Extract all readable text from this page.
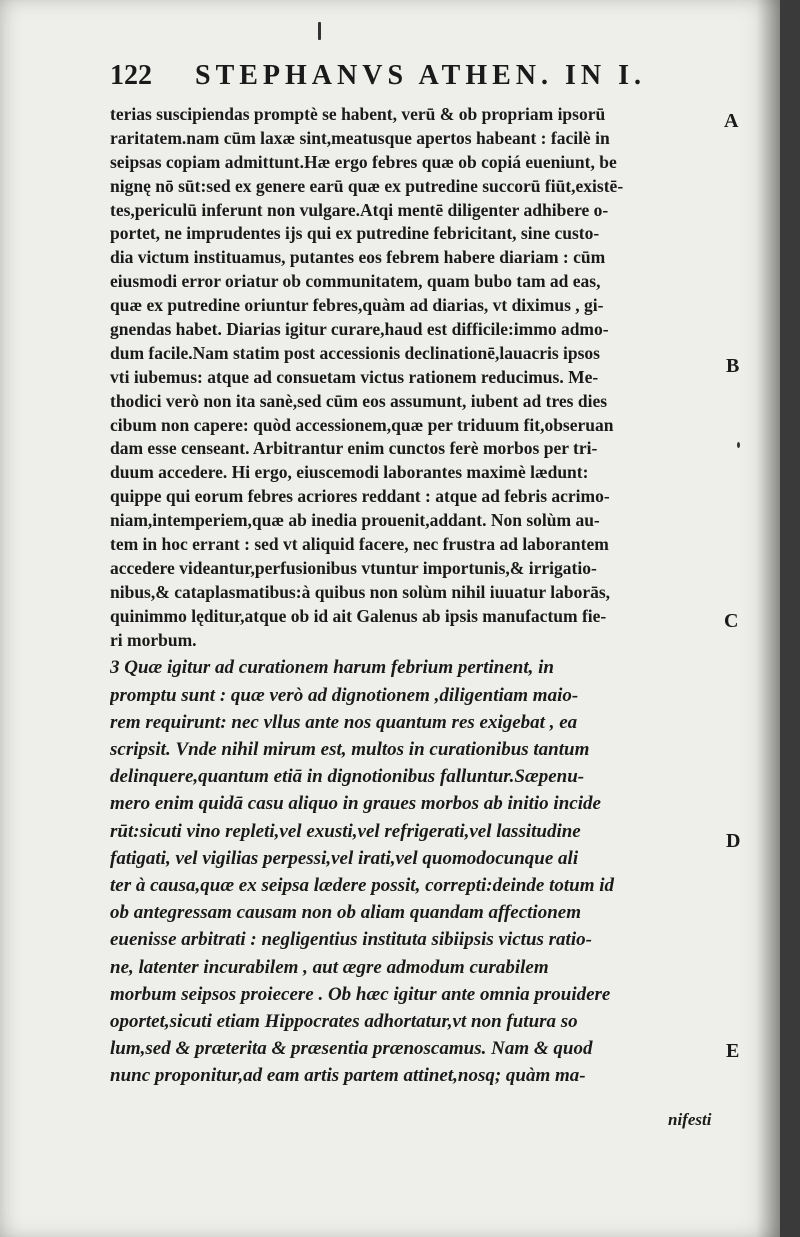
122 STEPHANVS ATHEN. IN I.
terias suscipiendas promptè se habent, verū & ob propriam ipsorū
raritatem.nam cūm laxæ sint,meatusque apertos habeant : facilè in
seipsas copiam admittunt.Hæ ergo febres quæ ob copiá eueniunt, be
nignę nō sūt:sed ex genere earū quæ ex putredine succorū fiūt,existē-
tes,periculū inferunt non vulgare.Atqi mentē diligenter adhibere o-
portet, ne imprudentes ijs qui ex putredine febricitant, sine custo-
dia victum instituamus, putantes eos febrem habere diariam : cūm
eiusmodi error oriatur ob communitatem, quam bubo tam ad eas,
quæ ex putredine oriuntur febres,quàm ad diarias, vt diximus , gi-
gnendas habet. Diarias igitur curare,haud est difficile:immo admo-
dum facile.Nam statim post accessionis declinationē,lauacris ipsos
vti iubemus: atque ad consuetam victus rationem reducimus. Me-
thodici verò non ita sanè,sed cūm eos assumunt, iubent ad tres dies
cibum non capere: quòd accessionem,quæ per triduum fit,obseruan
dam esse censeant. Arbitrantur enim cunctos ferè morbos per tri-
duum accedere. Hi ergo, eiuscemodi laborantes maximè lædunt:
quippe qui eorum febres acriores reddant : atque ad febris acrimo-
niam,intemperiem,quæ ab inedia prouenit,addant. Non solùm au-
tem in hoc errant : sed vt aliquid facere, nec frustra ad laborantem
accedere videantur,perfusionibus vtuntur importunis,& irrigatio-
nibus,& cataplasmatibus:à quibus non solùm nihil iuuatur laborās,
quinimmo lęditur,atque ob id ait Galenus ab ipsis manufactum fie-
ri morbum.
3 Quæ igitur ad curationem harum febrium pertinent, in
promptu sunt : quæ verò ad dignotionem ,diligentiam maio-
rem requirunt: nec vllus ante nos quantum res exigebat , ea
scripsit. Vnde nihil mirum est, multos in curationibus tantum
delinquere,quantum etiā in dignotionibus falluntur.Sæpenu-
mero enim quidā casu aliquo in graues morbos ab initio incide
rūt:sicuti vino repleti,vel exusti,vel refrigerati,vel lassitudine
fatigati, vel vigilias perpessi,vel irati,vel quomodocunque ali
ter à causa,quæ ex seipsa lædere possit, correpti:deinde totum id
ob antegressam causam non ob aliam quandam affectionem
euenisse arbitrati : negligentius instituta sibiipsis victus ratio-
ne, latenter incurabilem , aut ægre admodum curabilem
morbum seipsos proiecere . Ob hæc igitur ante omnia prouidere
oportet,sicuti etiam Hippocrates adhortatur,vt non futura so
lum,sed & præterita & præsentia prænoscamus. Nam & quod
nunc proponitur,ad eam artis partem attinet,nosq; quàm ma-
A
B
C
D
E
nifesti
